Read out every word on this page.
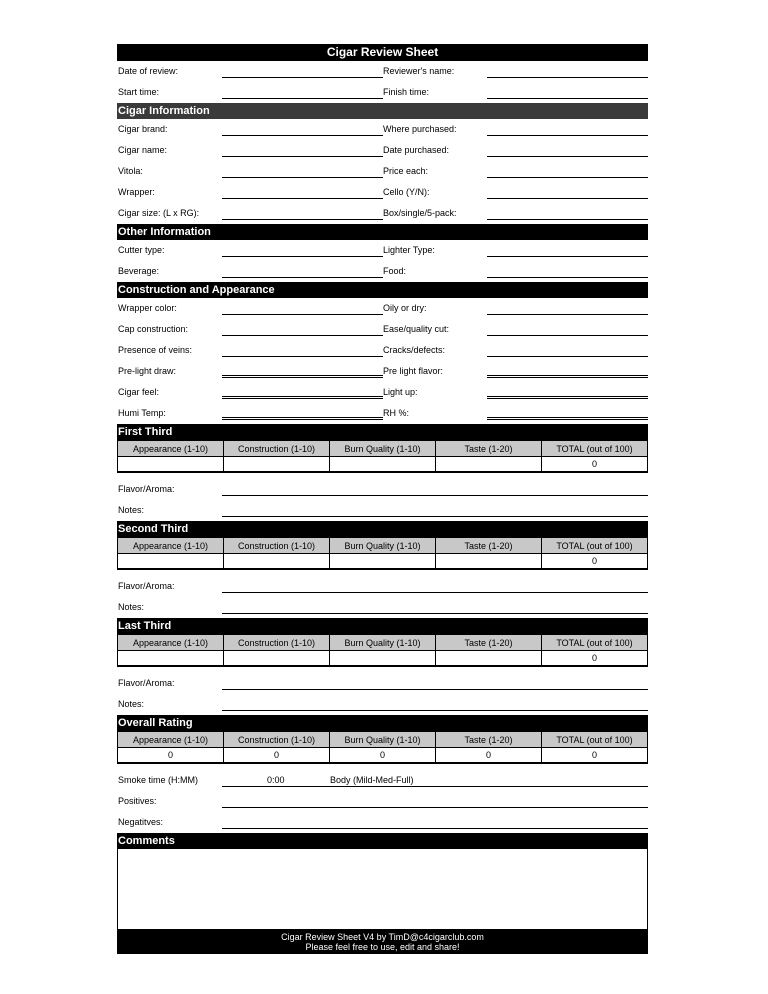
Cigar Review Sheet
Date of review:	Reviewer's name:
Start time:	Finish time:
Cigar Information
Cigar brand:	Where purchased:
Cigar name:	Date purchased:
Vitola:	Price each:
Wrapper:	Cello (Y/N):
Cigar size: (L x RG):	Box/single/5-pack:
Other Information
Cutter type:	Lighter Type:
Beverage:	Food:
Construction and Appearance
Wrapper color:	Oily or dry:
Cap construction:	Ease/quality cut:
Presence of veins:	Cracks/defects:
Pre-light draw:	Pre light flavor:
Cigar feel:	Light up:
Humi Temp:	RH %:
First Third
Appearance (1-10)	Construction (1-10)	Burn Quality (1-10)	Taste (1-20)	TOTAL (out of 100)
				0
Flavor/Aroma:
Notes:
Second Third
Appearance (1-10)	Construction (1-10)	Burn Quality (1-10)	Taste (1-20)	TOTAL (out of 100)
				0
Flavor/Aroma:
Notes:
Last Third
Appearance (1-10)	Construction (1-10)	Burn Quality (1-10)	Taste (1-20)	TOTAL (out of 100)
				0
Flavor/Aroma:
Notes:
Overall Rating
Appearance (1-10)	Construction (1-10)	Burn Quality (1-10)	Taste (1-20)	TOTAL (out of 100)
0	0	0	0	0
Smoke time (H:MM)	0:00	Body (Mild-Med-Full)
Positives:
Negatitves:
Comments
Cigar Review Sheet V4 by TimD@c4cigarclub.com
Please feel free to use, edit and share!
